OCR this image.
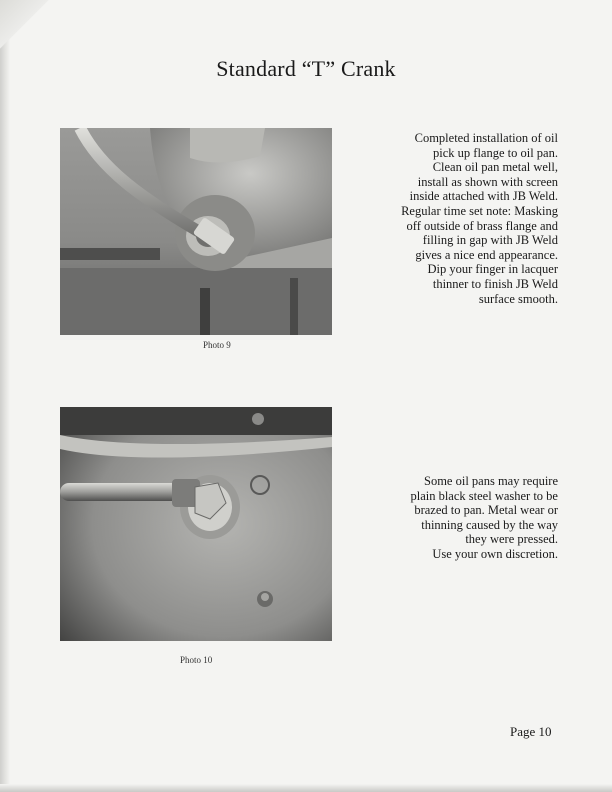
Standard “T” Crank
Photo 9
Completed installation of oil
pick up flange to oil pan.
Clean oil pan metal well,
install as shown with screen
inside attached with JB Weld.
Regular time set note: Masking
off outside of brass flange and
filling in gap with JB Weld
gives a nice end appearance.
Dip your finger in lacquer
thinner to finish JB Weld
surface smooth.
Photo 10
Some oil pans may require
plain black steel washer to be
brazed to pan. Metal wear or
thinning caused by the way
they were pressed.
Use your own discretion.
Page 10
